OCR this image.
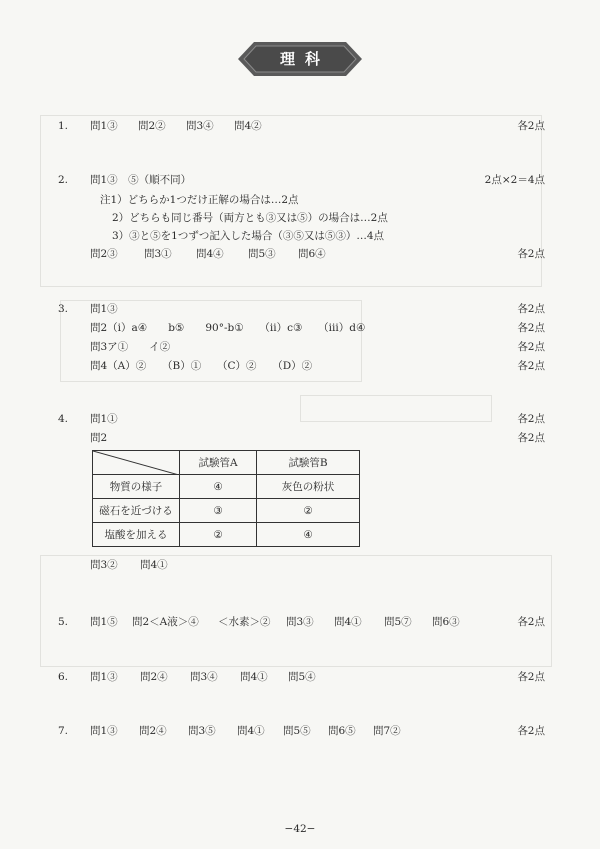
理科
1. 問1③ 問2② 問3④ 問4②	各2点
2. 問1③　⑤（順不同）	2点×2＝4点
注1）どちらか1つだけ正解の場合は…2点
2）どちらも同じ番号（両方とも③又は⑤）の場合は…2点
3）③と⑤を1つずつ記入した場合（③⑤又は⑤③）…4点
問2③	問3① 問4④ 問5③ 問6④	各2点
3. 問1③	各2点
問2（i）a④　　b⑤　　90°-b①　　（ii）c③　　（iii）d④	各2点
問3ア①　　イ②	各2点
問4（A）②　　（B）①　　（C）②　　（D）②	各2点
4. 問1①	各2点
問2	各2点
	試験管A	試験管B
物質の様子	④	灰色の粉状
磁石を近づける	③	②
塩酸を加える	②	④
問3② 問4①
5. 問1⑤ 問2＜A液＞④ ＜水素＞② 問3③ 問4① 問5⑦ 問6③	各2点
6. 問1③ 問2④ 問3④ 問4① 問5④	各2点
7. 問1③ 問2④ 問3⑤ 問4① 問5⑤ 問6⑤ 問7②	各2点
−42−
